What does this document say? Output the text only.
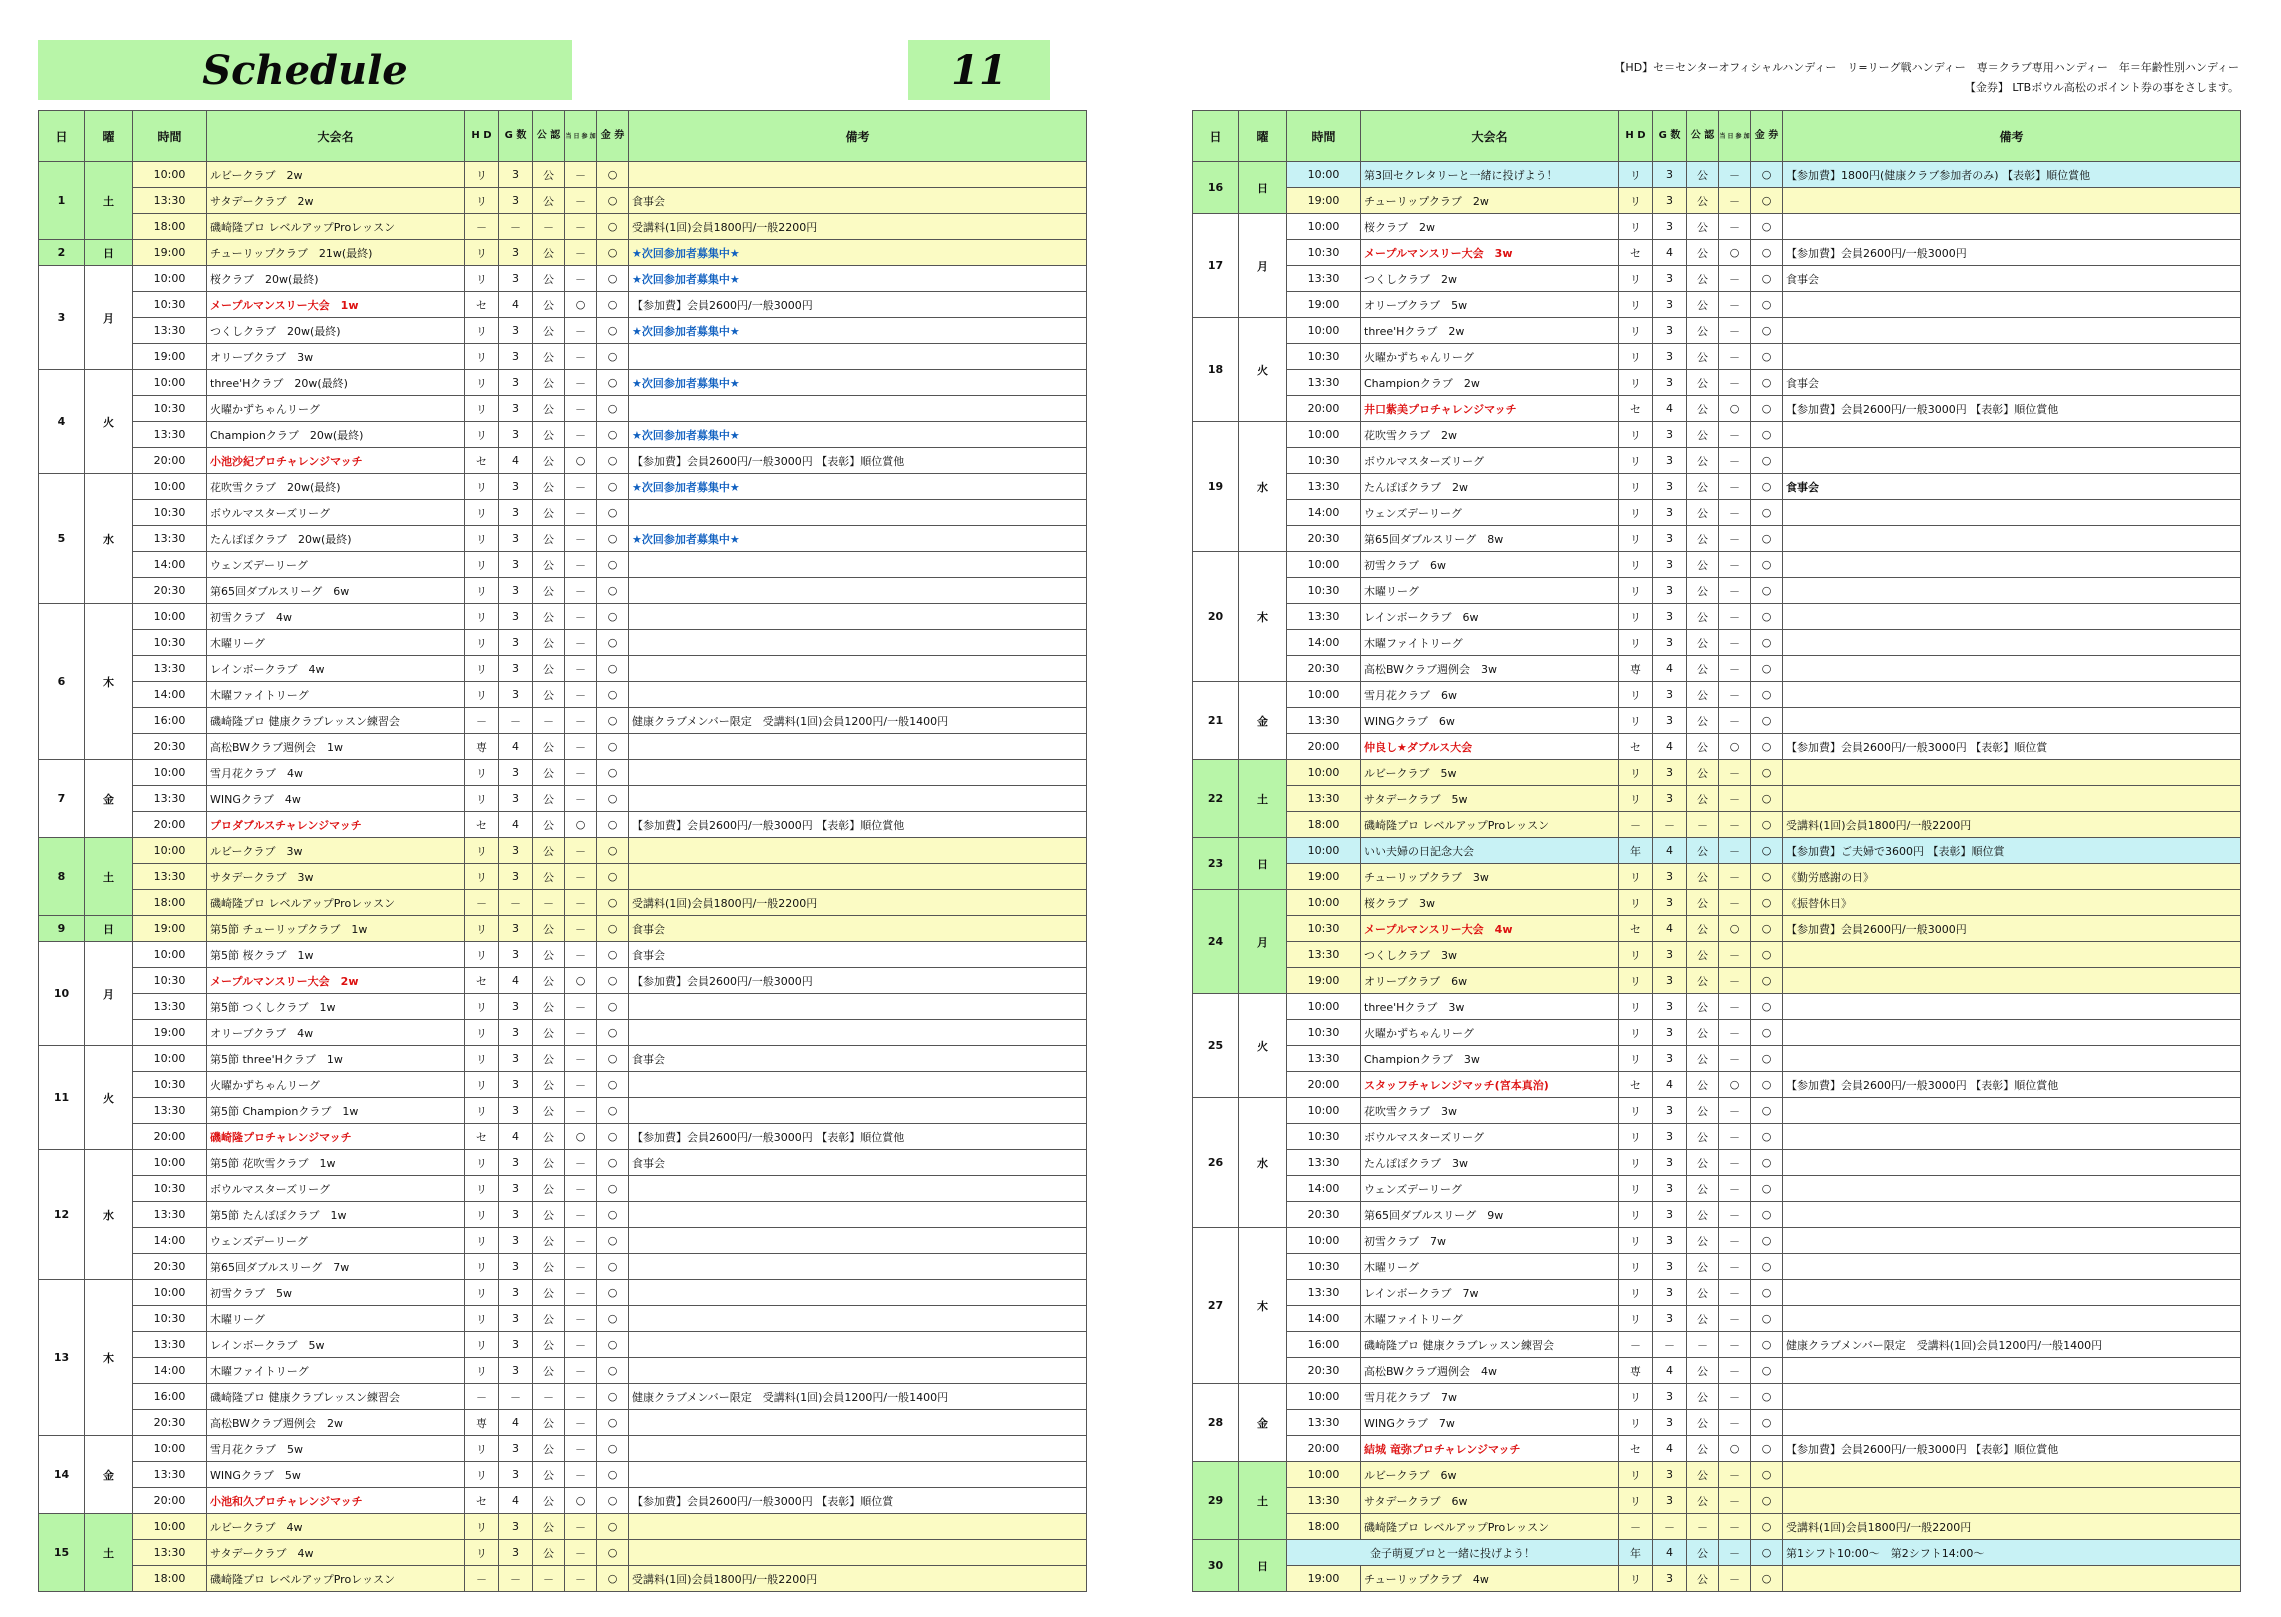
Schedule	11	【HD】セ＝センターオフィシャルハンディー　リ=リーグ戦ハンディー　専＝クラブ専用ハンディー　年＝年齢性別ハンディー
【金券】 LTBボウル高松のポイント券の事をさします。
日	曜	時間	大会名	H D	G 数	公 認	当 日 参 加	金 券	備考
1	土	10:00	ルビークラブ　2w	リ	3	公	－	○	
		13:30	サタデークラブ　2w	リ	3	公	－	○	食事会
		18:00	磯崎隆プロ レベルアップProレッスン	－	－	－	－	○	受講料(1回)会員1800円/一般2200円
2	日	19:00	チューリップクラブ　21w(最終)	リ	3	公	－	○	★次回参加者募集中★
3	月	10:00	桜クラブ　20w(最終)	リ	3	公	－	○	★次回参加者募集中★
		10:30	メープルマンスリー大会　1w	セ	4	公	○	○	【参加費】会員2600円/一般3000円
		13:30	つくしクラブ　20w(最終)	リ	3	公	－	○	★次回参加者募集中★
		19:00	オリーブクラブ　3w	リ	3	公	－	○	
4	火	10:00	three'Hクラブ　20w(最終)	リ	3	公	－	○	★次回参加者募集中★
		10:30	火曜かずちゃんリーグ	リ	3	公	－	○	
		13:30	Championクラブ　20w(最終)	リ	3	公	－	○	★次回参加者募集中★
		20:00	小池沙紀プロチャレンジマッチ	セ	4	公	○	○	【参加費】会員2600円/一般3000円 【表彰】順位賞他
5	水	10:00	花吹雪クラブ　20w(最終)	リ	3	公	－	○	★次回参加者募集中★
		10:30	ボウルマスターズリーグ	リ	3	公	－	○	
		13:30	たんぽぽクラブ　20w(最終)	リ	3	公	－	○	★次回参加者募集中★
		14:00	ウェンズデーリーグ	リ	3	公	－	○	
		20:30	第65回ダブルスリーグ　6w	リ	3	公	－	○	
6	木	10:00	初雪クラブ　4w	リ	3	公	－	○	
		10:30	木曜リーグ	リ	3	公	－	○	
		13:30	レインボークラブ　4w	リ	3	公	－	○	
		14:00	木曜ファイトリーグ	リ	3	公	－	○	
		16:00	磯崎隆プロ 健康クラブレッスン練習会	－	－	－	－	○	健康クラブメンバー限定　受講料(1回)会員1200円/一般1400円
		20:30	高松BWクラブ週例会　1w	専	4	公	－	○	
7	金	10:00	雪月花クラブ　4w	リ	3	公	－	○	
		13:30	WINGクラブ　4w	リ	3	公	－	○	
		20:00	プロダブルスチャレンジマッチ	セ	4	公	○	○	【参加費】会員2600円/一般3000円 【表彰】順位賞他
8	土	10:00	ルビークラブ　3w	リ	3	公	－	○	
		13:30	サタデークラブ　3w	リ	3	公	－	○	
		18:00	磯崎隆プロ レベルアップProレッスン	－	－	－	－	○	受講料(1回)会員1800円/一般2200円
9	日	19:00	第5節 チューリップクラブ　1w	リ	3	公	－	○	食事会
10	月	10:00	第5節 桜クラブ　1w	リ	3	公	－	○	食事会
		10:30	メープルマンスリー大会　2w	セ	4	公	○	○	【参加費】会員2600円/一般3000円
		13:30	第5節 つくしクラブ　1w	リ	3	公	－	○	
		19:00	オリーブクラブ　4w	リ	3	公	－	○	
11	火	10:00	第5節 three'Hクラブ　1w	リ	3	公	－	○	食事会
		10:30	火曜かずちゃんリーグ	リ	3	公	－	○	
		13:30	第5節 Championクラブ　1w	リ	3	公	－	○	
		20:00	磯崎隆プロチャレンジマッチ	セ	4	公	○	○	【参加費】会員2600円/一般3000円 【表彰】順位賞他
12	水	10:00	第5節 花吹雪クラブ　1w	リ	3	公	－	○	食事会
		10:30	ボウルマスターズリーグ	リ	3	公	－	○	
		13:30	第5節 たんぽぽクラブ　1w	リ	3	公	－	○	
		14:00	ウェンズデーリーグ	リ	3	公	－	○	
		20:30	第65回ダブルスリーグ　7w	リ	3	公	－	○	
13	木	10:00	初雪クラブ　5w	リ	3	公	－	○	
		10:30	木曜リーグ	リ	3	公	－	○	
		13:30	レインボークラブ　5w	リ	3	公	－	○	
		14:00	木曜ファイトリーグ	リ	3	公	－	○	
		16:00	磯崎隆プロ 健康クラブレッスン練習会	－	－	－	－	○	健康クラブメンバー限定　受講料(1回)会員1200円/一般1400円
		20:30	高松BWクラブ週例会　2w	専	4	公	－	○	
14	金	10:00	雪月花クラブ　5w	リ	3	公	－	○	
		13:30	WINGクラブ　5w	リ	3	公	－	○	
		20:00	小池和久プロチャレンジマッチ	セ	4	公	○	○	【参加費】会員2600円/一般3000円 【表彰】順位賞
15	土	10:00	ルビークラブ　4w	リ	3	公	－	○	
		13:30	サタデークラブ　4w	リ	3	公	－	○	
		18:00	磯崎隆プロ レベルアップProレッスン	－	－	－	－	○	受講料(1回)会員1800円/一般2200円
日	曜	時間	大会名	H D	G 数	公 認	当 日 参 加	金 券	備考
16	日	10:00	第3回セクレタリーと一緒に投げよう！	リ	3	公	－	○	【参加費】1800円(健康クラブ参加者のみ) 【表彰】順位賞他
		19:00	チューリップクラブ　2w	リ	3	公	－	○	
17	月	10:00	桜クラブ　2w	リ	3	公	－	○	
		10:30	メープルマンスリー大会　3w	セ	4	公	○	○	【参加費】会員2600円/一般3000円
		13:30	つくしクラブ　2w	リ	3	公	－	○	食事会
		19:00	オリーブクラブ　5w	リ	3	公	－	○	
18	火	10:00	three'Hクラブ　2w	リ	3	公	－	○	
		10:30	火曜かずちゃんリーグ	リ	3	公	－	○	
		13:30	Championクラブ　2w	リ	3	公	－	○	食事会
		20:00	井口紫美プロチャレンジマッチ	セ	4	公	○	○	【参加費】会員2600円/一般3000円 【表彰】順位賞他
19	水	10:00	花吹雪クラブ　2w	リ	3	公	－	○	
		10:30	ボウルマスターズリーグ	リ	3	公	－	○	
		13:30	たんぽぽクラブ　2w	リ	3	公	－	○	食事会
		14:00	ウェンズデーリーグ	リ	3	公	－	○	
		20:30	第65回ダブルスリーグ　8w	リ	3	公	－	○	
20	木	10:00	初雪クラブ　6w	リ	3	公	－	○	
		10:30	木曜リーグ	リ	3	公	－	○	
		13:30	レインボークラブ　6w	リ	3	公	－	○	
		14:00	木曜ファイトリーグ	リ	3	公	－	○	
		20:30	高松BWクラブ週例会　3w	専	4	公	－	○	
21	金	10:00	雪月花クラブ　6w	リ	3	公	－	○	
		13:30	WINGクラブ　6w	リ	3	公	－	○	
		20:00	仲良し★ダブルス大会	セ	4	公	○	○	【参加費】会員2600円/一般3000円 【表彰】順位賞
22	土	10:00	ルビークラブ　5w	リ	3	公	－	○	
		13:30	サタデークラブ　5w	リ	3	公	－	○	
		18:00	磯崎隆プロ レベルアップProレッスン	－	－	－	－	○	受講料(1回)会員1800円/一般2200円
23	日	10:00	いい夫婦の日記念大会	年	4	公	－	○	【参加費】ご夫婦で3600円 【表彰】順位賞
		19:00	チューリップクラブ　3w	リ	3	公	－	○	《勤労感謝の日》
24	月	10:00	桜クラブ　3w	リ	3	公	－	○	《振替休日》
		10:30	メープルマンスリー大会　4w	セ	4	公	○	○	【参加費】会員2600円/一般3000円
		13:30	つくしクラブ　3w	リ	3	公	－	○	
		19:00	オリーブクラブ　6w	リ	3	公	－	○	
25	火	10:00	three'Hクラブ　3w	リ	3	公	－	○	
		10:30	火曜かずちゃんリーグ	リ	3	公	－	○	
		13:30	Championクラブ　3w	リ	3	公	－	○	
		20:00	スタッフチャレンジマッチ(宮本真治)	セ	4	公	○	○	【参加費】会員2600円/一般3000円 【表彰】順位賞他
26	水	10:00	花吹雪クラブ　3w	リ	3	公	－	○	
		10:30	ボウルマスターズリーグ	リ	3	公	－	○	
		13:30	たんぽぽクラブ　3w	リ	3	公	－	○	
		14:00	ウェンズデーリーグ	リ	3	公	－	○	
		20:30	第65回ダブルスリーグ　9w	リ	3	公	－	○	
27	木	10:00	初雪クラブ　7w	リ	3	公	－	○	
		10:30	木曜リーグ	リ	3	公	－	○	
		13:30	レインボークラブ　7w	リ	3	公	－	○	
		14:00	木曜ファイトリーグ	リ	3	公	－	○	
		16:00	磯崎隆プロ 健康クラブレッスン練習会	－	－	－	－	○	健康クラブメンバー限定　受講料(1回)会員1200円/一般1400円
		20:30	高松BWクラブ週例会　4w	専	4	公	－	○	
28	金	10:00	雪月花クラブ　7w	リ	3	公	－	○	
		13:30	WINGクラブ　7w	リ	3	公	－	○	
		20:00	結城 竜弥プロチャレンジマッチ	セ	4	公	○	○	【参加費】会員2600円/一般3000円 【表彰】順位賞他
29	土	10:00	ルビークラブ　6w	リ	3	公	－	○	
		13:30	サタデークラブ　6w	リ	3	公	－	○	
		18:00	磯崎隆プロ レベルアップProレッスン	－	－	－	－	○	受講料(1回)会員1800円/一般2200円
30	日	金子萌夏プロと一緒に投げよう！		年	4	公	－	○	第1シフト10:00～　第2シフト14:00～
		19:00	チューリップクラブ　4w	リ	3	公	－	○	
